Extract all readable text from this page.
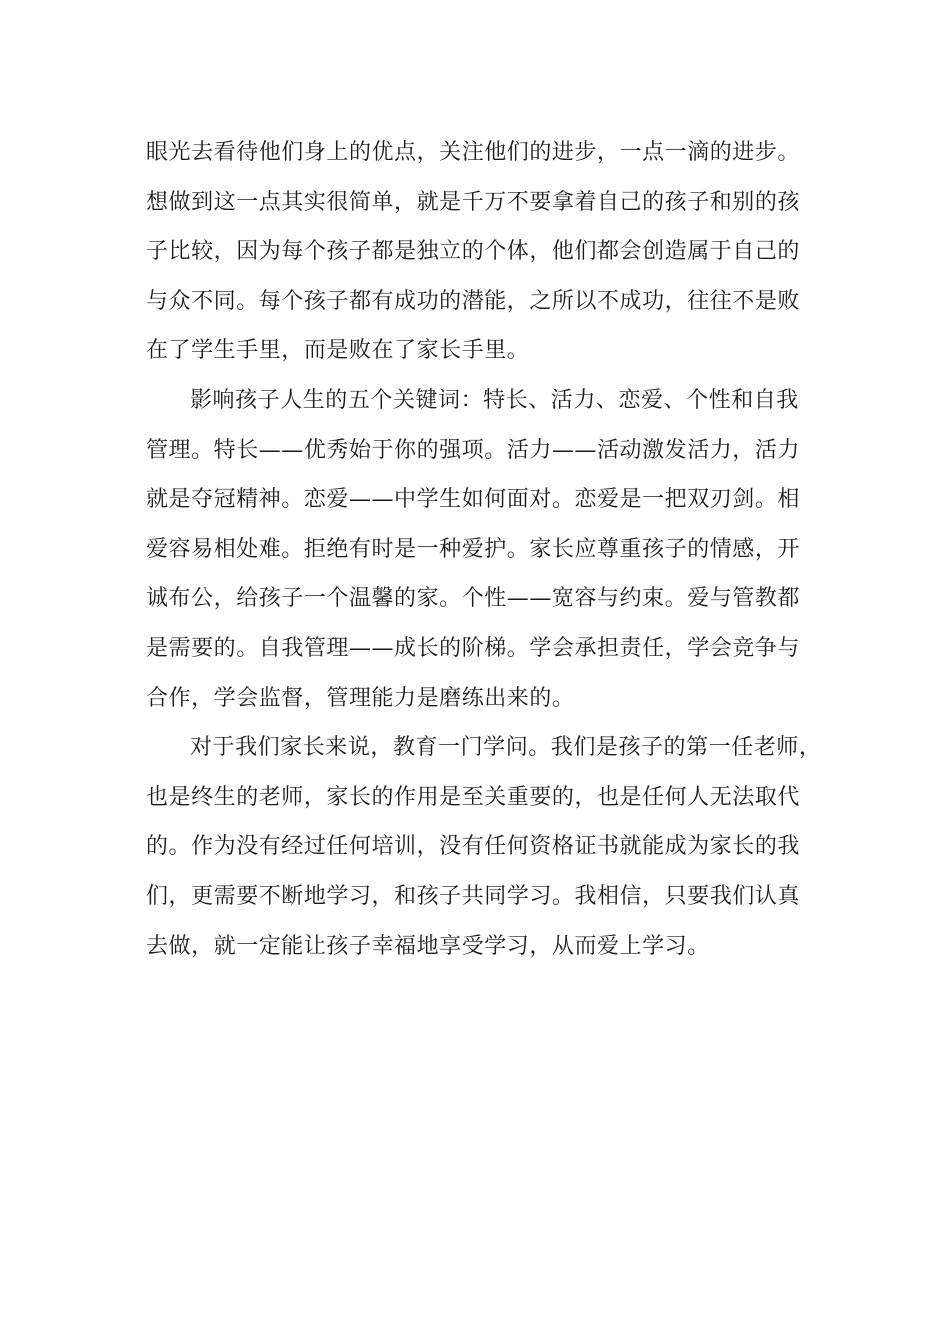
眼光去看待他们身上的优点，关注他们的进步，一点一滴的进步。
想做到这一点其实很简单，就是千万不要拿着自己的孩子和别的孩
子比较，因为每个孩子都是独立的个体，他们都会创造属于自己的
与众不同。每个孩子都有成功的潜能，之所以不成功，往往不是败
在了学生手里，而是败在了家长手里。

影响孩子人生的五个关键词：特长、活力、恋爱、个性和自我
管理。特长——优秀始于你的强项。活力——活动激发活力，活力
就是夺冠精神。恋爱——中学生如何面对。恋爱是一把双刃剑。相
爱容易相处难。拒绝有时是一种爱护。家长应尊重孩子的情感，开
诚布公，给孩子一个温馨的家。个性——宽容与约束。爱与管教都
是需要的。自我管理——成长的阶梯。学会承担责任，学会竞争与
合作，学会监督，管理能力是磨练出来的。

对于我们家长来说，教育一门学问。我们是孩子的第一任老师，
也是终生的老师，家长的作用是至关重要的，也是任何人无法取代
的。作为没有经过任何培训，没有任何资格证书就能成为家长的我
们，更需要不断地学习，和孩子共同学习。我相信，只要我们认真
去做，就一定能让孩子幸福地享受学习，从而爱上学习。
